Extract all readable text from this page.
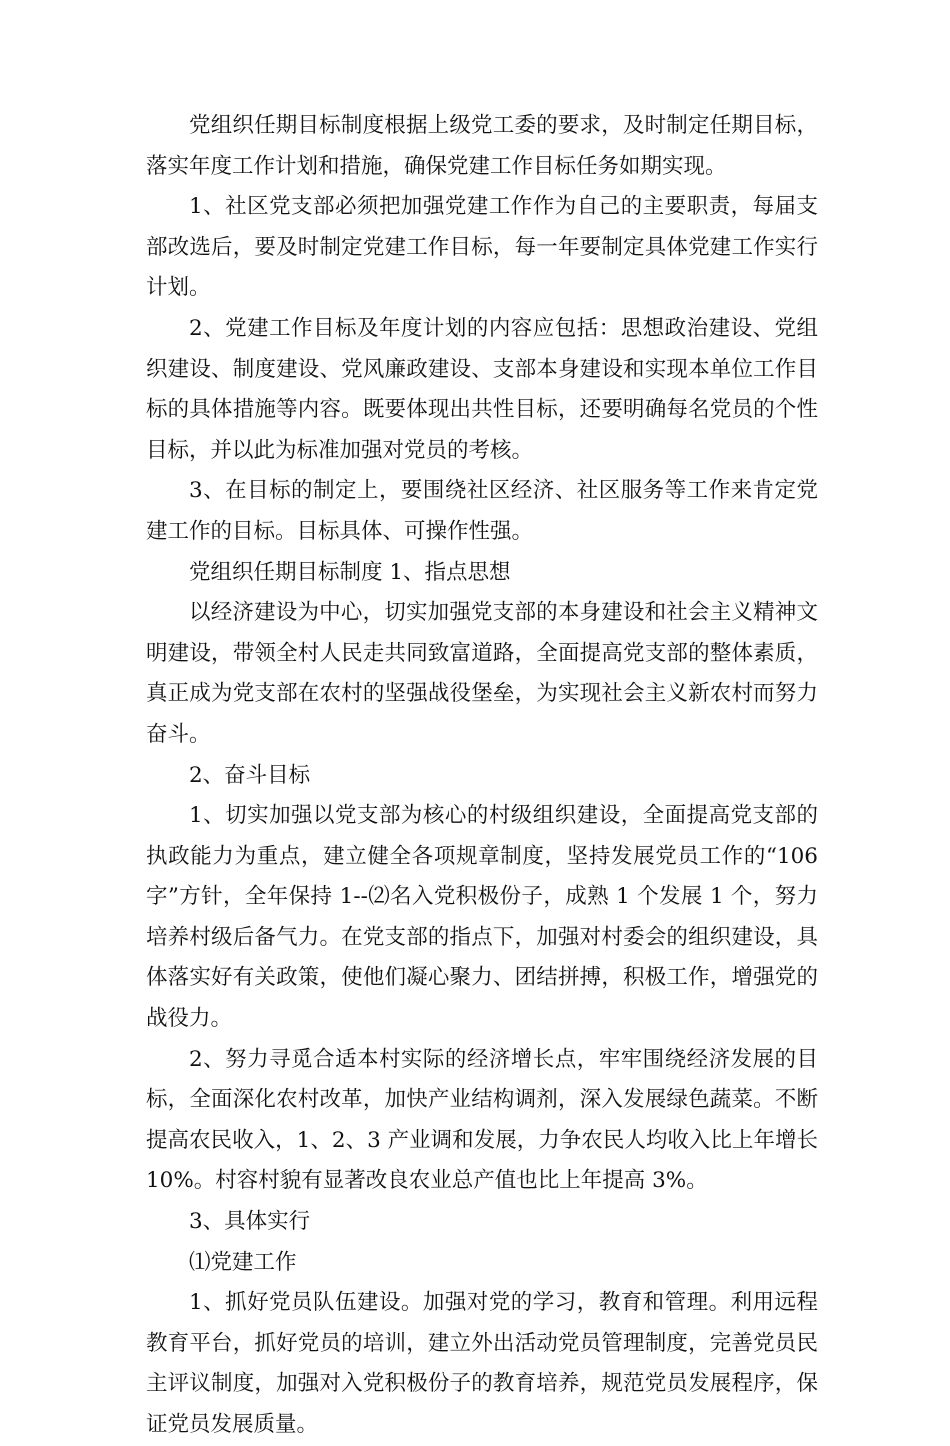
党组织任期目标制度根据上级党工委的要求，及时制定任期目标，落实年度工作计划和措施，确保党建工作目标任务如期实现。

1、社区党支部必须把加强党建工作作为自己的主要职责，每届支部改选后，要及时制定党建工作目标，每一年要制定具体党建工作实行计划。

2、党建工作目标及年度计划的内容应包括：思想政治建设、党组织建设、制度建设、党风廉政建设、支部本身建设和实现本单位工作目标的具体措施等内容。既要体现出共性目标，还要明确每名党员的个性目标，并以此为标准加强对党员的考核。

3、在目标的制定上，要围绕社区经济、社区服务等工作来肯定党建工作的目标。目标具体、可操作性强。

党组织任期目标制度 1、指点思想

以经济建设为中心，切实加强党支部的本身建设和社会主义精神文明建设，带领全村人民走共同致富道路，全面提高党支部的整体素质，真正成为党支部在农村的坚强战役堡垒，为实现社会主义新农村而努力奋斗。

2、奋斗目标

1、切实加强以党支部为核心的村级组织建设，全面提高党支部的执政能力为重点，建立健全各项规章制度，坚持发展党员工作的“106 字”方针，全年保持 1--⑵名入党积极份子，成熟 1 个发展 1 个，努力培养村级后备气力。在党支部的指点下，加强对村委会的组织建设，具体落实好有关政策，使他们凝心聚力、团结拼搏，积极工作，增强党的战役力。

2、努力寻觅合适本村实际的经济增长点，牢牢围绕经济发展的目标，全面深化农村改革，加快产业结构调剂，深入发展绿色蔬菜。不断提高农民收入，1、2、3 产业调和发展，力争农民人均收入比上年增长 10%。村容村貌有显著改良农业总产值也比上年提高 3%。

3、具体实行

⑴党建工作

1、抓好党员队伍建设。加强对党的学习，教育和管理。利用远程教育平台，抓好党员的培训，建立外出活动党员管理制度，完善党员民主评议制度，加强对入党积极份子的教育培养，规范党员发展程序，保证党员发展质量。
